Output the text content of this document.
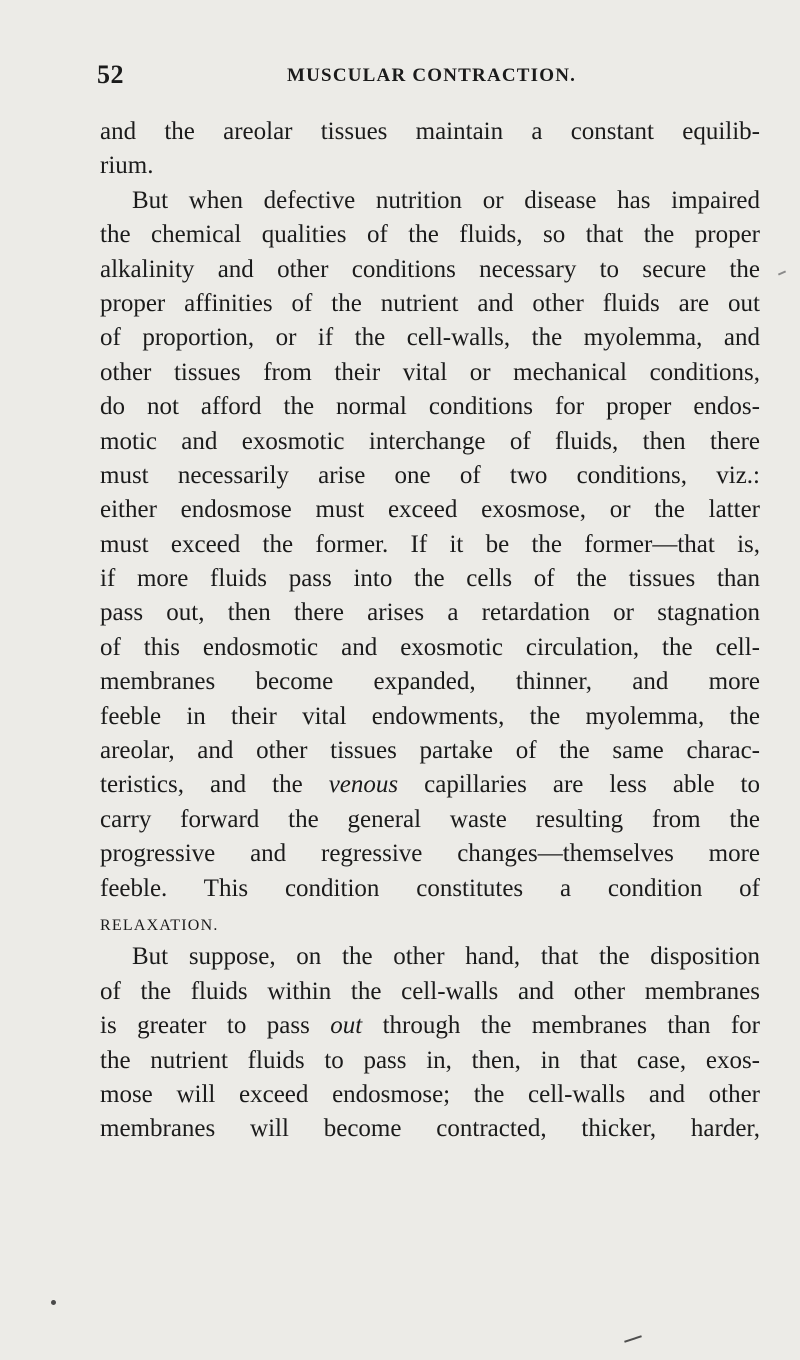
52	MUSCULAR CONTRACTION.
and the areolar tissues maintain a constant equilib-
rium.
But when defective nutrition or disease has impaired
the chemical qualities of the fluids, so that the proper
alkalinity and other conditions necessary to secure the
proper affinities of the nutrient and other fluids are out
of proportion, or if the cell-walls, the myolemma, and
other tissues from their vital or mechanical conditions,
do not afford the normal conditions for proper endos-
motic and exosmotic interchange of fluids, then there
must necessarily arise one of two conditions, viz.:
either endosmose must exceed exosmose, or the latter
must exceed the former. If it be the former—that is,
if more fluids pass into the cells of the tissues than
pass out, then there arises a retardation or stagnation
of this endosmotic and exosmotic circulation, the cell-
membranes become expanded, thinner, and more
feeble in their vital endowments, the myolemma, the
areolar, and other tissues partake of the same charac-
teristics, and the venous capillaries are less able to
carry forward the general waste resulting from the
progressive and regressive changes—themselves more
feeble. This condition constitutes a condition of
RELAXATION.
But suppose, on the other hand, that the disposition
of the fluids within the cell-walls and other membranes
is greater to pass out through the membranes than for
the nutrient fluids to pass in, then, in that case, exos-
mose will exceed endosmose; the cell-walls and other
membranes will become contracted, thicker, harder,
